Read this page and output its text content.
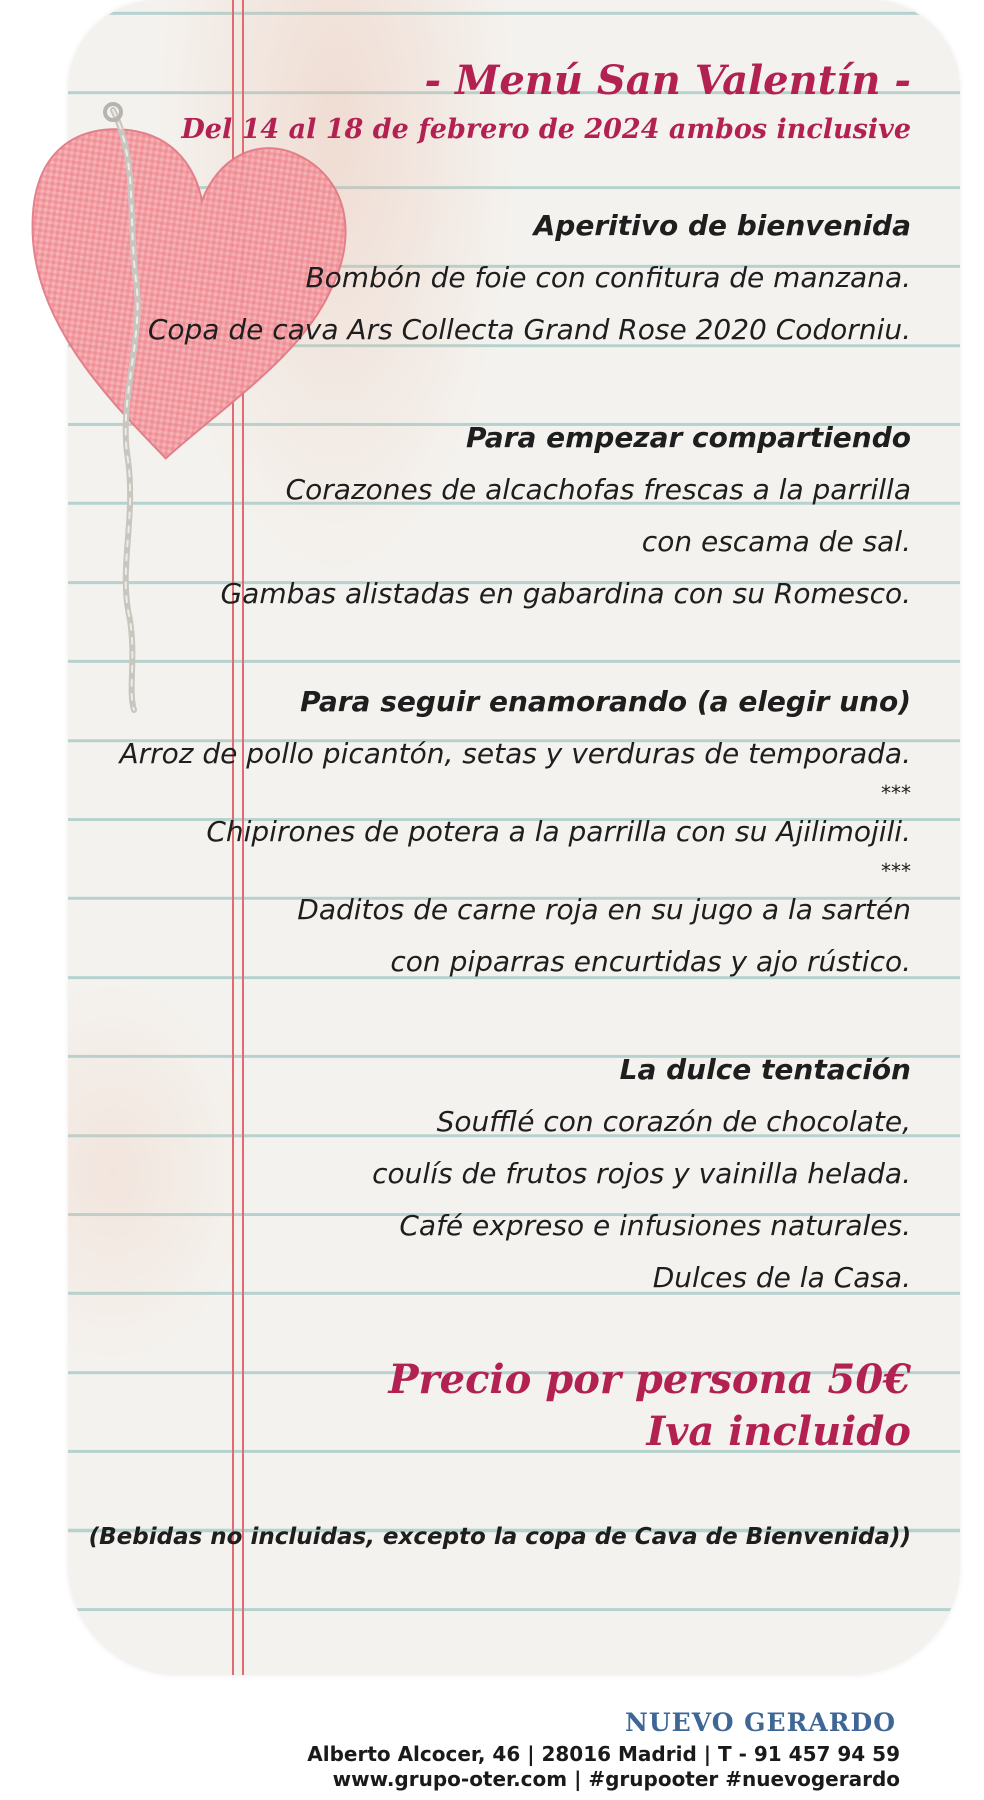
- Menú San Valentín -
Del 14 al 18 de febrero de 2024 ambos inclusive
Aperitivo de bienvenida
Bombón de foie con confitura de manzana.
Copa de cava Ars Collecta Grand Rose 2020 Codorniu.
Para empezar compartiendo
Corazones de alcachofas frescas a la parrilla
con escama de sal.
Gambas alistadas en gabardina con su Romesco.
Para seguir enamorando (a elegir uno)
Arroz de pollo picantón, setas y verduras de temporada.
***
Chipirones de potera a la parrilla con su Ajilimojili.
***
Daditos de carne roja en su jugo a la sartén
con piparras encurtidas y ajo rústico.
La dulce tentación
Soufflé con corazón de chocolate,
coulís de frutos rojos y vainilla helada.
Café expreso e infusiones naturales.
Dulces de la Casa.
Precio por persona 50€
Iva incluido
(Bebidas no incluidas, excepto la copa de Cava de Bienvenida))
NUEVO GERARDO
Alberto Alcocer, 46 | 28016 Madrid | T - 91 457 94 59
www.grupo-oter.com | #grupooter #nuevogerardo
